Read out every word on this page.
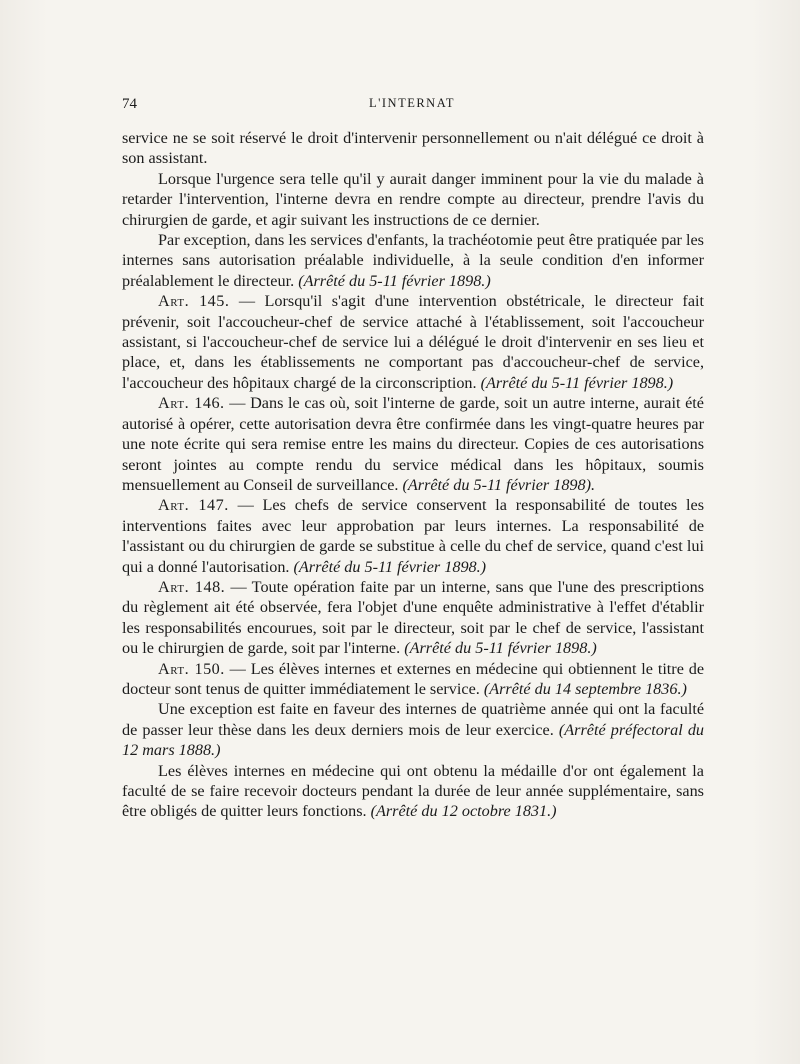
74	L'INTERNAT

service ne se soit réservé le droit d'intervenir personnellement ou n'ait délégué ce droit à son assistant.

Lorsque l'urgence sera telle qu'il y aurait danger imminent pour la vie du malade à retarder l'intervention, l'interne devra en rendre compte au directeur, prendre l'avis du chirurgien de garde, et agir suivant les instructions de ce dernier.

Par exception, dans les services d'enfants, la trachéotomie peut être pratiquée par les internes sans autorisation préalable individuelle, à la seule condition d'en informer préalablement le directeur. (Arrêté du 5-11 février 1898.)

Art. 145. — Lorsqu'il s'agit d'une intervention obstétricale, le directeur fait prévenir, soit l'accoucheur-chef de service attaché à l'établissement, soit l'accoucheur assistant, si l'accoucheur-chef de service lui a délégué le droit d'intervenir en ses lieu et place, et, dans les établissements ne comportant pas d'accoucheur-chef de service, l'accoucheur des hôpitaux chargé de la circonscription. (Arrêté du 5-11 février 1898.)

Art. 146. — Dans le cas où, soit l'interne de garde, soit un autre interne, aurait été autorisé à opérer, cette autorisation devra être confirmée dans les vingt-quatre heures par une note écrite qui sera remise entre les mains du directeur. Copies de ces autorisations seront jointes au compte rendu du service médical dans les hôpitaux, soumis mensuellement au Conseil de surveillance. (Arrêté du 5-11 février 1898).

Art. 147. — Les chefs de service conservent la responsabilité de toutes les interventions faites avec leur approbation par leurs internes. La responsabilité de l'assistant ou du chirurgien de garde se substitue à celle du chef de service, quand c'est lui qui a donné l'autorisation. (Arrêté du 5-11 février 1898.)

Art. 148. — Toute opération faite par un interne, sans que l'une des prescriptions du règlement ait été observée, fera l'objet d'une enquête administrative à l'effet d'établir les responsabilités encourues, soit par le directeur, soit par le chef de service, l'assistant ou le chirurgien de garde, soit par l'interne. (Arrêté du 5-11 février 1898.)

Art. 150. — Les élèves internes et externes en médecine qui obtiennent le titre de docteur sont tenus de quitter immédiatement le service. (Arrêté du 14 septembre 1836.)

Une exception est faite en faveur des internes de quatrième année qui ont la faculté de passer leur thèse dans les deux derniers mois de leur exercice. (Arrêté préfectoral du 12 mars 1888.)

Les élèves internes en médecine qui ont obtenu la médaille d'or ont également la faculté de se faire recevoir docteurs pendant la durée de leur année supplémentaire, sans être obligés de quitter leurs fonctions. (Arrêté du 12 octobre 1831.)
